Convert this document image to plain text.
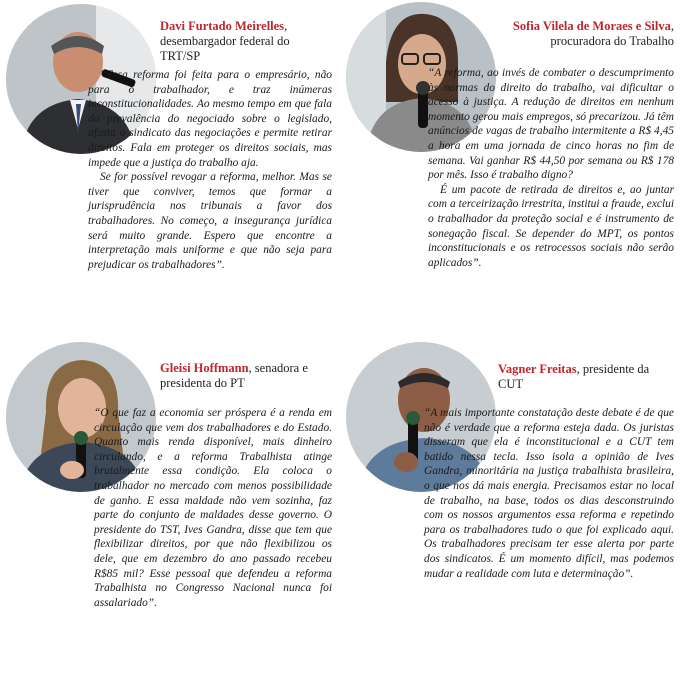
Davi Furtado Meirelles, desembargador federal do TRT/SP

“Essa reforma foi feita para o empresário, não para o trabalhador, e traz inúmeras inconstitucionalidades. Ao mesmo tempo em que fala da prevalência do negociado sobre o legislado, afasta o sindicato das negociações e permite retirar direitos. Fala em proteger os direitos sociais, mas impede que a justiça do trabalho aja.
Se for possível revogar a reforma, melhor. Mas se tiver que conviver, temos que formar a jurisprudência nos tribunais a favor dos trabalhadores. No começo, a insegurança jurídica será muito grande. Espero que encontre a interpretação mais uniforme e que não seja para prejudicar os trabalhadores”.

Sofia Vilela de Moraes e Silva, procuradora do Trabalho

“A reforma, ao invés de combater o descumprimento às normas do direito do trabalho, vai dificultar o acesso à justiça. A redução de direitos em nenhum momento gerou mais empregos, só precarizou. Já têm anúncios de vagas de trabalho intermitente a R$ 4,45 a hora em uma jornada de cinco horas no fim de semana. Vai ganhar R$ 44,50 por semana ou R$ 178 por mês. Isso é trabalho digno?
É um pacote de retirada de direitos e, ao juntar com a terceirização irrestrita, institui a fraude, exclui o trabalhador da proteção social e é instrumento de sonegação fiscal. Se depender do MPT, os pontos inconstitucionais e os retrocessos sociais não serão aplicados”.

Gleisi Hoffmann, senadora e presidenta do PT

“O que faz a economia ser próspera é a renda em circulação que vem dos trabalhadores e do Estado. Quanto mais renda disponível, mais dinheiro circulando, e a reforma Trabalhista atinge brutalmente essa condição. Ela coloca o trabalhador no mercado com menos possibilidade de ganho. E essa maldade não vem sozinha, faz parte do conjunto de maldades desse governo. O presidente do TST, Ives Gandra, disse que tem que flexibilizar direitos, por que não flexibilizou os dele, que em dezembro do ano passado recebeu R$85 mil? Esse pessoal que defendeu a reforma Trabalhista no Congresso Nacional nunca foi assalariado”.

Vagner Freitas, presidente da CUT

“A mais importante constatação deste debate é de que não é verdade que a reforma esteja dada. Os juristas disseram que ela é inconstitucional e a CUT tem batido nessa tecla. Isso isola a opinião de Ives Gandra, minoritária na justiça trabalhista brasileira, o que nos dá mais energia. Precisamos estar no local de trabalho, na base, todos os dias desconstruindo com os nossos argumentos essa reforma e repetindo para os trabalhadores tudo o que foi explicado aqui. Os trabalhadores precisam ter esse alerta por parte dos sindicatos. É um momento difícil, mas podemos mudar a realidade com luta e determinação”.
